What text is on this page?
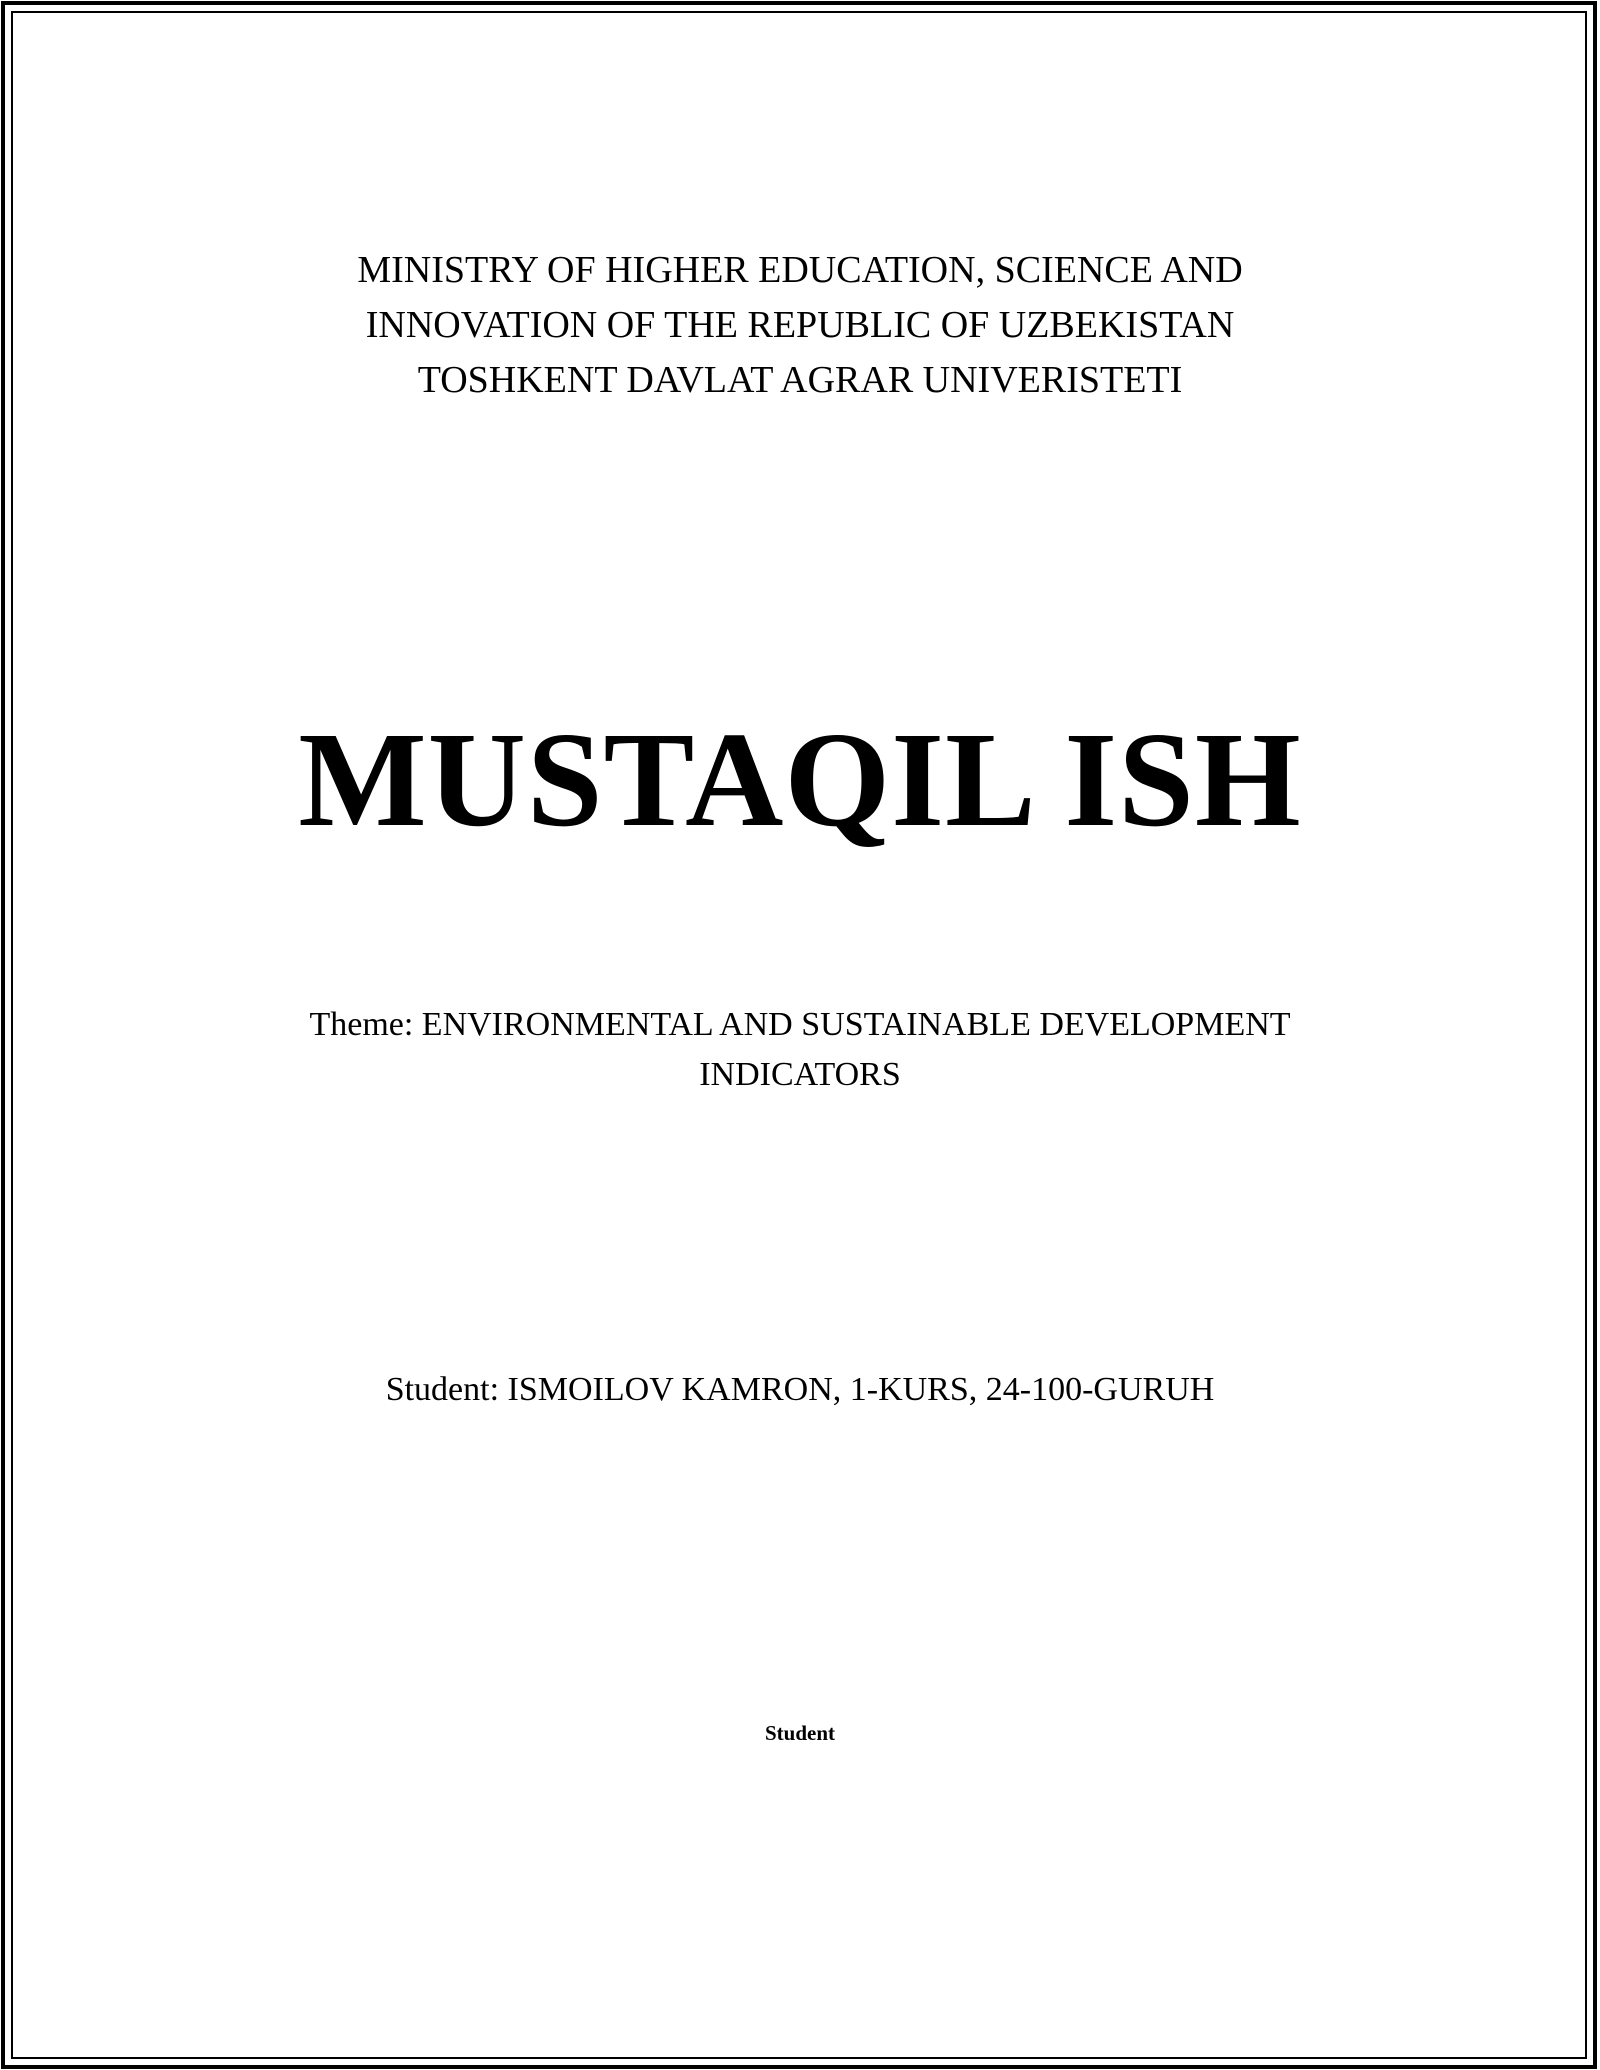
MINISTRY OF HIGHER EDUCATION, SCIENCE AND
INNOVATION OF THE REPUBLIC OF UZBEKISTAN
TOSHKENT DAVLAT AGRAR UNIVERISTETI
MUSTAQIL ISH
Theme: ENVIRONMENTAL AND SUSTAINABLE DEVELOPMENT
INDICATORS
Student: ISMOILOV KAMRON, 1-KURS, 24-100-GURUH
Student
